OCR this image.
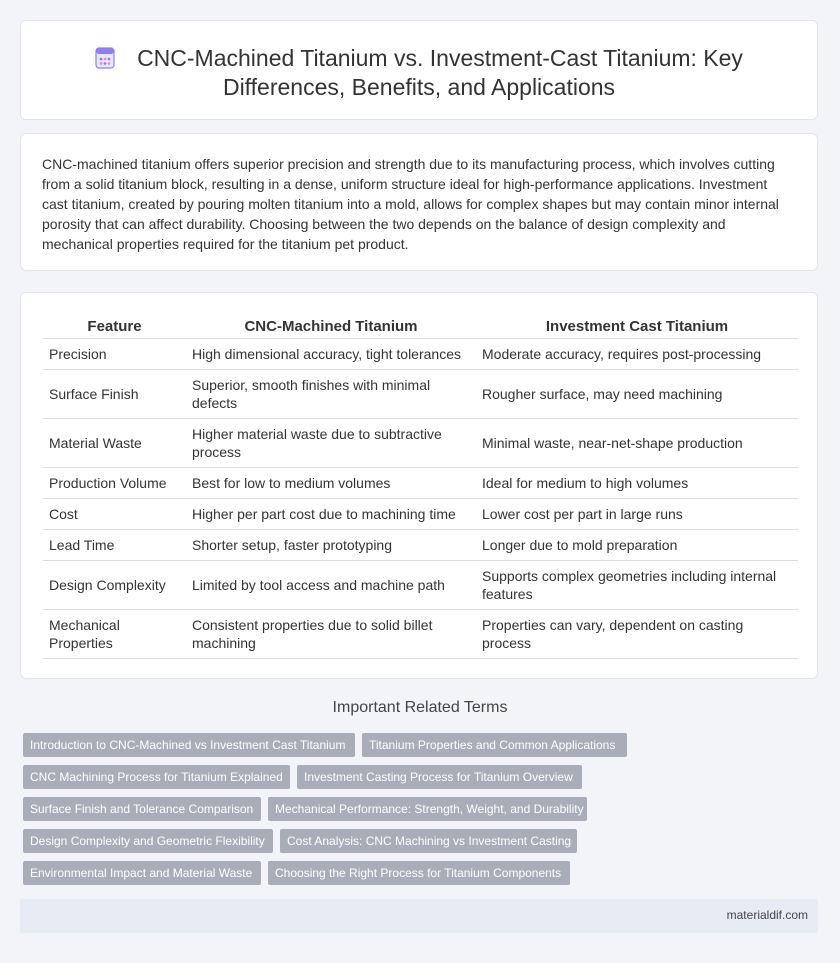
CNC-Machined Titanium vs. Investment-Cast Titanium: Key
Differences, Benefits, and Applications

CNC-machined titanium offers superior precision and strength due to its manufacturing process, which involves cutting from a solid titanium block, resulting in a dense, uniform structure ideal for high-performance applications. Investment cast titanium, created by pouring molten titanium into a mold, allows for complex shapes but may contain minor internal porosity that can affect durability. Choosing between the two depends on the balance of design complexity and mechanical properties required for the titanium pet product.

Feature	CNC-Machined Titanium	Investment Cast Titanium
Precision	High dimensional accuracy, tight tolerances	Moderate accuracy, requires post-processing
Surface Finish	Superior, smooth finishes with minimal defects	Rougher surface, may need machining
Material Waste	Higher material waste due to subtractive process	Minimal waste, near-net-shape production
Production Volume	Best for low to medium volumes	Ideal for medium to high volumes
Cost	Higher per part cost due to machining time	Lower cost per part in large runs
Lead Time	Shorter setup, faster prototyping	Longer due to mold preparation
Design Complexity	Limited by tool access and machine path	Supports complex geometries including internal features
Mechanical Properties	Consistent properties due to solid billet machining	Properties can vary, dependent on casting process
Important Related Terms
Introduction to CNC-Machined vs Investment Cast Titanium	Titanium Properties and Common Applications
CNC Machining Process for Titanium Explained	Investment Casting Process for Titanium Overview
Surface Finish and Tolerance Comparison	Mechanical Performance: Strength, Weight, and Durability
Design Complexity and Geometric Flexibility	Cost Analysis: CNC Machining vs Investment Casting
Environmental Impact and Material Waste	Choosing the Right Process for Titanium Components
materialdif.com
